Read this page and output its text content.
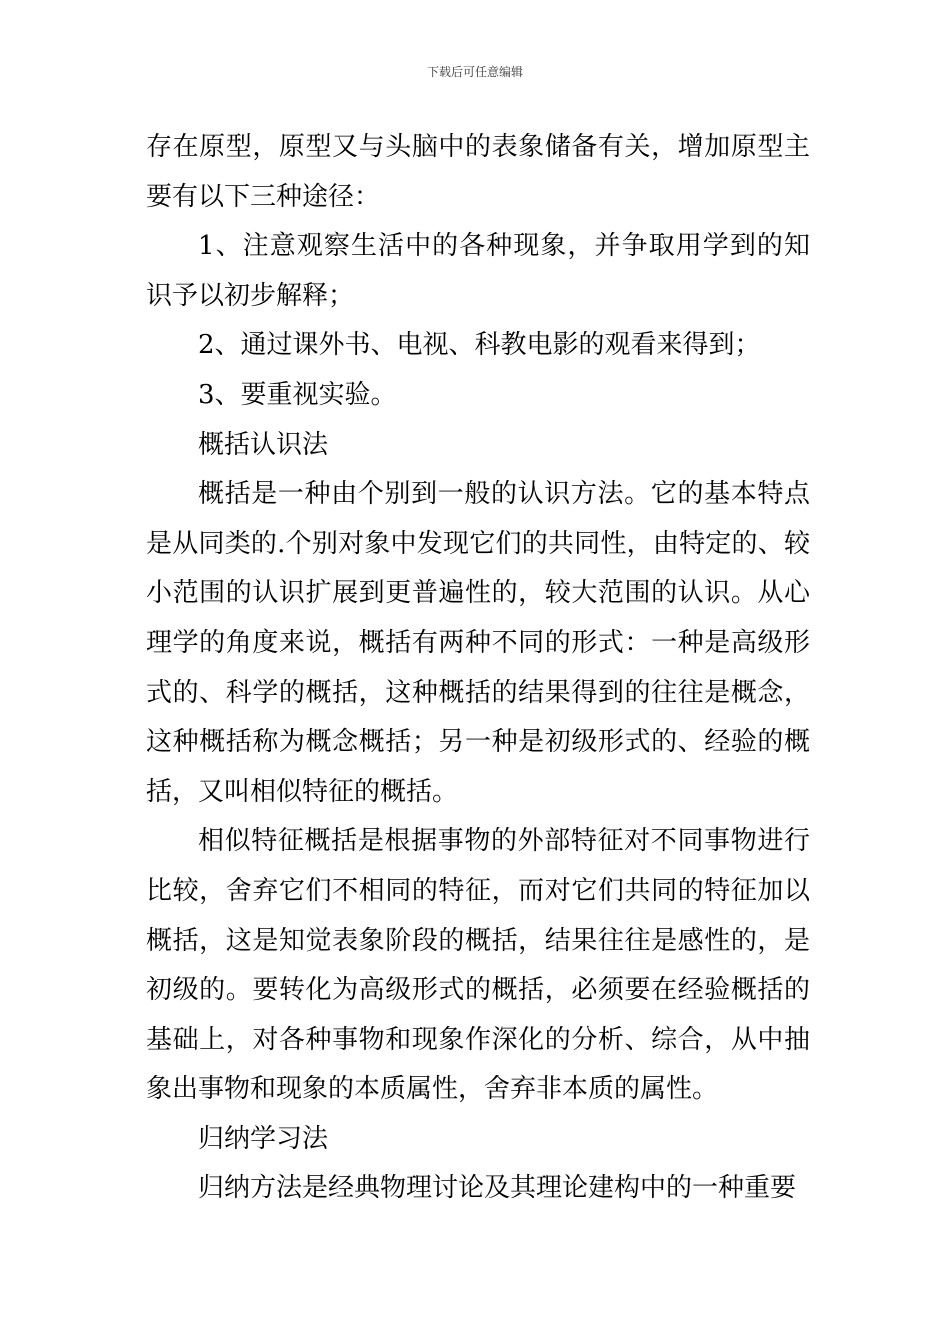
下载后可任意编辑

存在原型，原型又与头脑中的表象储备有关，增加原型主要有以下三种途径：

1、注意观察生活中的各种现象，并争取用学到的知识予以初步解释；

2、通过课外书、电视、科教电影的观看来得到；

3、要重视实验。

概括认识法

概括是一种由个别到一般的认识方法。它的基本特点是从同类的.个别对象中发现它们的共同性，由特定的、较小范围的认识扩展到更普遍性的，较大范围的认识。从心理学的角度来说，概括有两种不同的形式：一种是高级形式的、科学的概括，这种概括的结果得到的往往是概念，这种概括称为概念概括；另一种是初级形式的、经验的概括，又叫相似特征的概括。

相似特征概括是根据事物的外部特征对不同事物进行比较，舍弃它们不相同的特征，而对它们共同的特征加以概括，这是知觉表象阶段的概括，结果往往是感性的，是初级的。要转化为高级形式的概括，必须要在经验概括的基础上，对各种事物和现象作深化的分析、综合，从中抽象出事物和现象的本质属性，舍弃非本质的属性。

归纳学习法

归纳方法是经典物理讨论及其理论建构中的一种重要
